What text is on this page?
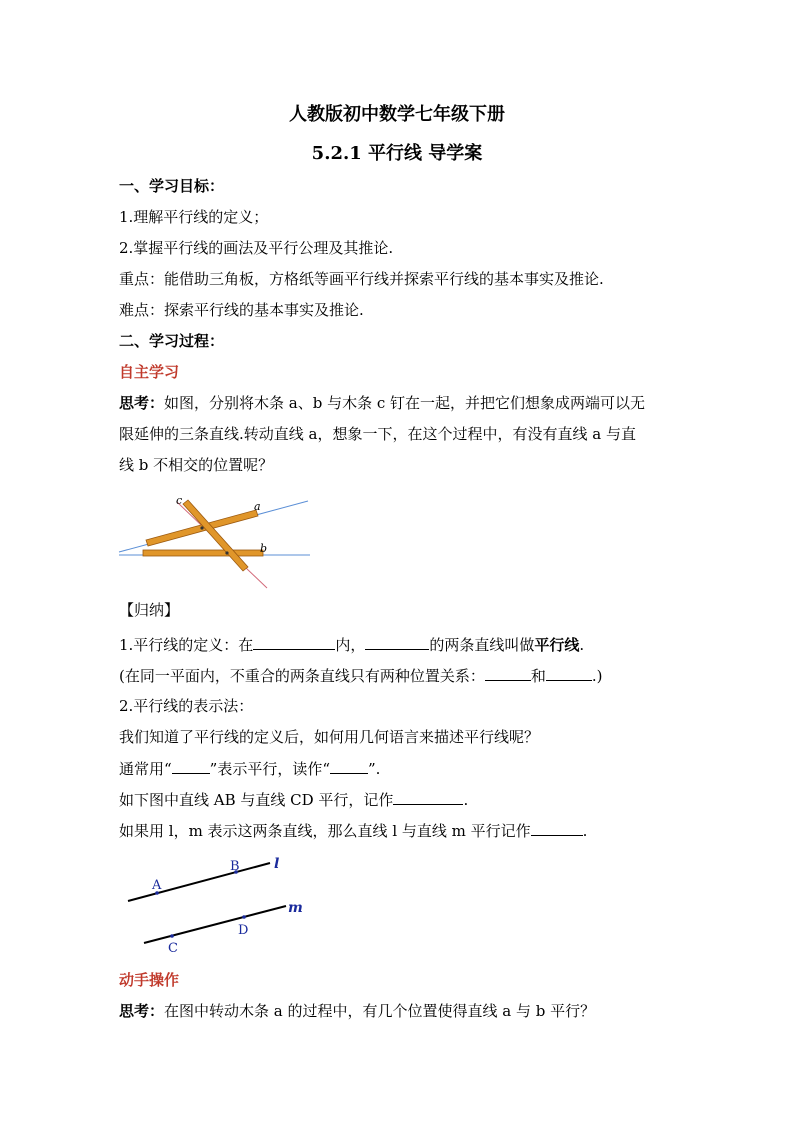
人教版初中数学七年级下册
5.2.1 平行线 导学案
一、学习目标：
1.理解平行线的定义；
2.掌握平行线的画法及平行公理及其推论.
重点：能借助三角板，方格纸等画平行线并探索平行线的基本事实及推论.
难点：探索平行线的基本事实及推论.
二、学习过程：
自主学习
思考：如图，分别将木条 a、b 与木条 c 钉在一起，并把它们想象成两端可以无
限延伸的三条直线.转动直线 a，想象一下，在这个过程中，有没有直线 a 与直
线 b 不相交的位置呢？
c	a
b
【归纳】
1.平行线的定义：在	内，	的两条直线叫做平行线.
(在同一平面内，不重合的两条直线只有两种位置关系：	和	.)
2.平行线的表示法：
我们知道了平行线的定义后，如何用几何语言来描述平行线呢？
通常用“	”表示平行，读作“	”.
如下图中直线 AB 与直线 CD 平行，记作	.
如果用 l，m 表示这两条直线，那么直线 l 与直线 m 平行记作	.
A
B
C
D
l
m
动手操作
思考：在图中转动木条 a 的过程中，有几个位置使得直线 a 与 b 平行？
